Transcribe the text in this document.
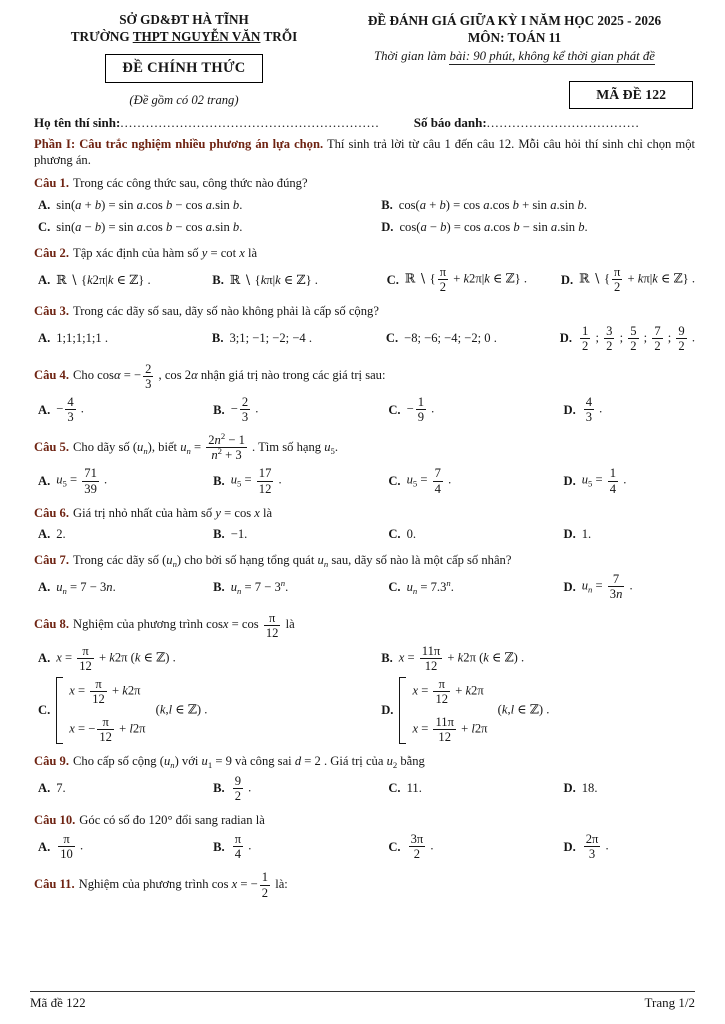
SỞ GD&ĐT HÀ TĨNH
TRƯỜNG THPT NGUYỄN VĂN TRỖI
ĐỀ CHÍNH THỨC
(Đề gồm có 02 trang)
ĐỀ ĐÁNH GIÁ GIỮA KỲ I NĂM HỌC 2025 - 2026
MÔN: TOÁN 11
Thời gian làm bài: 90 phút, không kể thời gian phát đề
MÃ ĐỀ 122
Họ tên thí sinh: .............................................................	Số báo danh: ....................................
Phần I: Câu trắc nghiệm nhiều phương án lựa chọn. Thí sinh trả lời từ câu 1 đến câu 12. Mỗi câu hỏi thí sinh chỉ chọn một phương án.
Câu 1. Trong các công thức sau, công thức nào đúng?
A. sin(a + b) = sin a.cos b − cos a.sin b.	B. cos(a + b) = cos a.cos b + sin a.sin b.
C. sin(a − b) = sin a.cos b − cos a.sin b.	D. cos(a − b) = cos a.cos b − sin a.sin b.
Câu 2. Tập xác định của hàm số y = cot x là
A. ℝ ∖ {k2π|k ∈ ℤ} .	B. ℝ ∖ {kπ|k ∈ ℤ} .	C. ℝ ∖ { $\frac{\pi}{2} + k2\pi|k$ ∈ ℤ} .	D. ℝ ∖ { $\frac{\pi}{2} + k\pi|k$ ∈ ℤ} .
Câu 3. Trong các dãy số sau, dãy số nào không phải là cấp số cộng?
A. 1;1;1;1;1 .	B. 3;1; −1; −2; −4 .	C. −8; −6; −4; −2; 0 .	D. $\frac{1}{2}$ ; $\frac{3}{2}$ ; $\frac{5}{2}$ ; $\frac{7}{2}$ ; $\frac{9}{2}$ .
Câu 4. Cho cosα = − $\frac{2}{3}$ , cos 2α nhận giá trị nào trong các giá trị sau:
A. − $\frac{4}{3}$ .	B. − $\frac{2}{3}$ .	C. − $\frac{1}{9}$ .	D. $\frac{4}{3}$ .
Câu 5. Cho dãy số $(u_n)$, biết $u_n = \frac{2n^2 - 1}{n^2 + 3}$ . Tìm số hạng $u_5$.
A. $u_5 = \frac{71}{39}$ .	B. $u_5 = \frac{17}{12}$ .	C. $u_5 = \frac{7}{4}$ .	D. $u_5 = \frac{1}{4}$ .
Câu 6. Giá trị nhỏ nhất của hàm số y = cos x là
A. 2.	B. −1.	C. 0.	D. 1.
Câu 7. Trong các dãy số $(u_n)$ cho bởi số hạng tổng quát $u_n$ sau, dãy số nào là một cấp số nhân?
A. $u_n = 7 - 3n$.	B. $u_n = 7 - 3^n$.	C. $u_n = 7.3^n$.	D. $u_n = \frac{7}{3n}$ .
Câu 8. Nghiệm của phương trình $\cos x = \cos \frac{\pi}{12}$ là
A. $x = \frac{\pi}{12} + k2\pi$ (k ∈ ℤ) .	B. $x = \frac{11\pi}{12} + k2\pi$ (k ∈ ℤ) .
C.
$x = \frac{\pi}{12} + k2\pi$
x = − $\frac{\pi}{12} + l2\pi$
(k,l ∈ ℤ) .	D.
$x = \frac{\pi}{12} + k2\pi$
$x = \frac{11\pi}{12} + l2\pi$
(k,l ∈ ℤ) .
Câu 9. Cho cấp số cộng $(u_n)$ với $u_1 = 9$ và công sai d = 2 . Giá trị của $u_2$ bằng
A. 7.	B. $\frac{9}{2}$ .	C. 11.	D. 18.
Câu 10. Góc có số đo 120° đổi sang radian là
A. $\frac{\pi}{10}$ .	B. $\frac{\pi}{4}$ .	C. $\frac{3\pi}{2}$ .	D. $\frac{2\pi}{3}$ .
Câu 11. Nghiệm của phương trình cos x = − $\frac{1}{2}$ là:
Mã đề 122	Trang 1/2
